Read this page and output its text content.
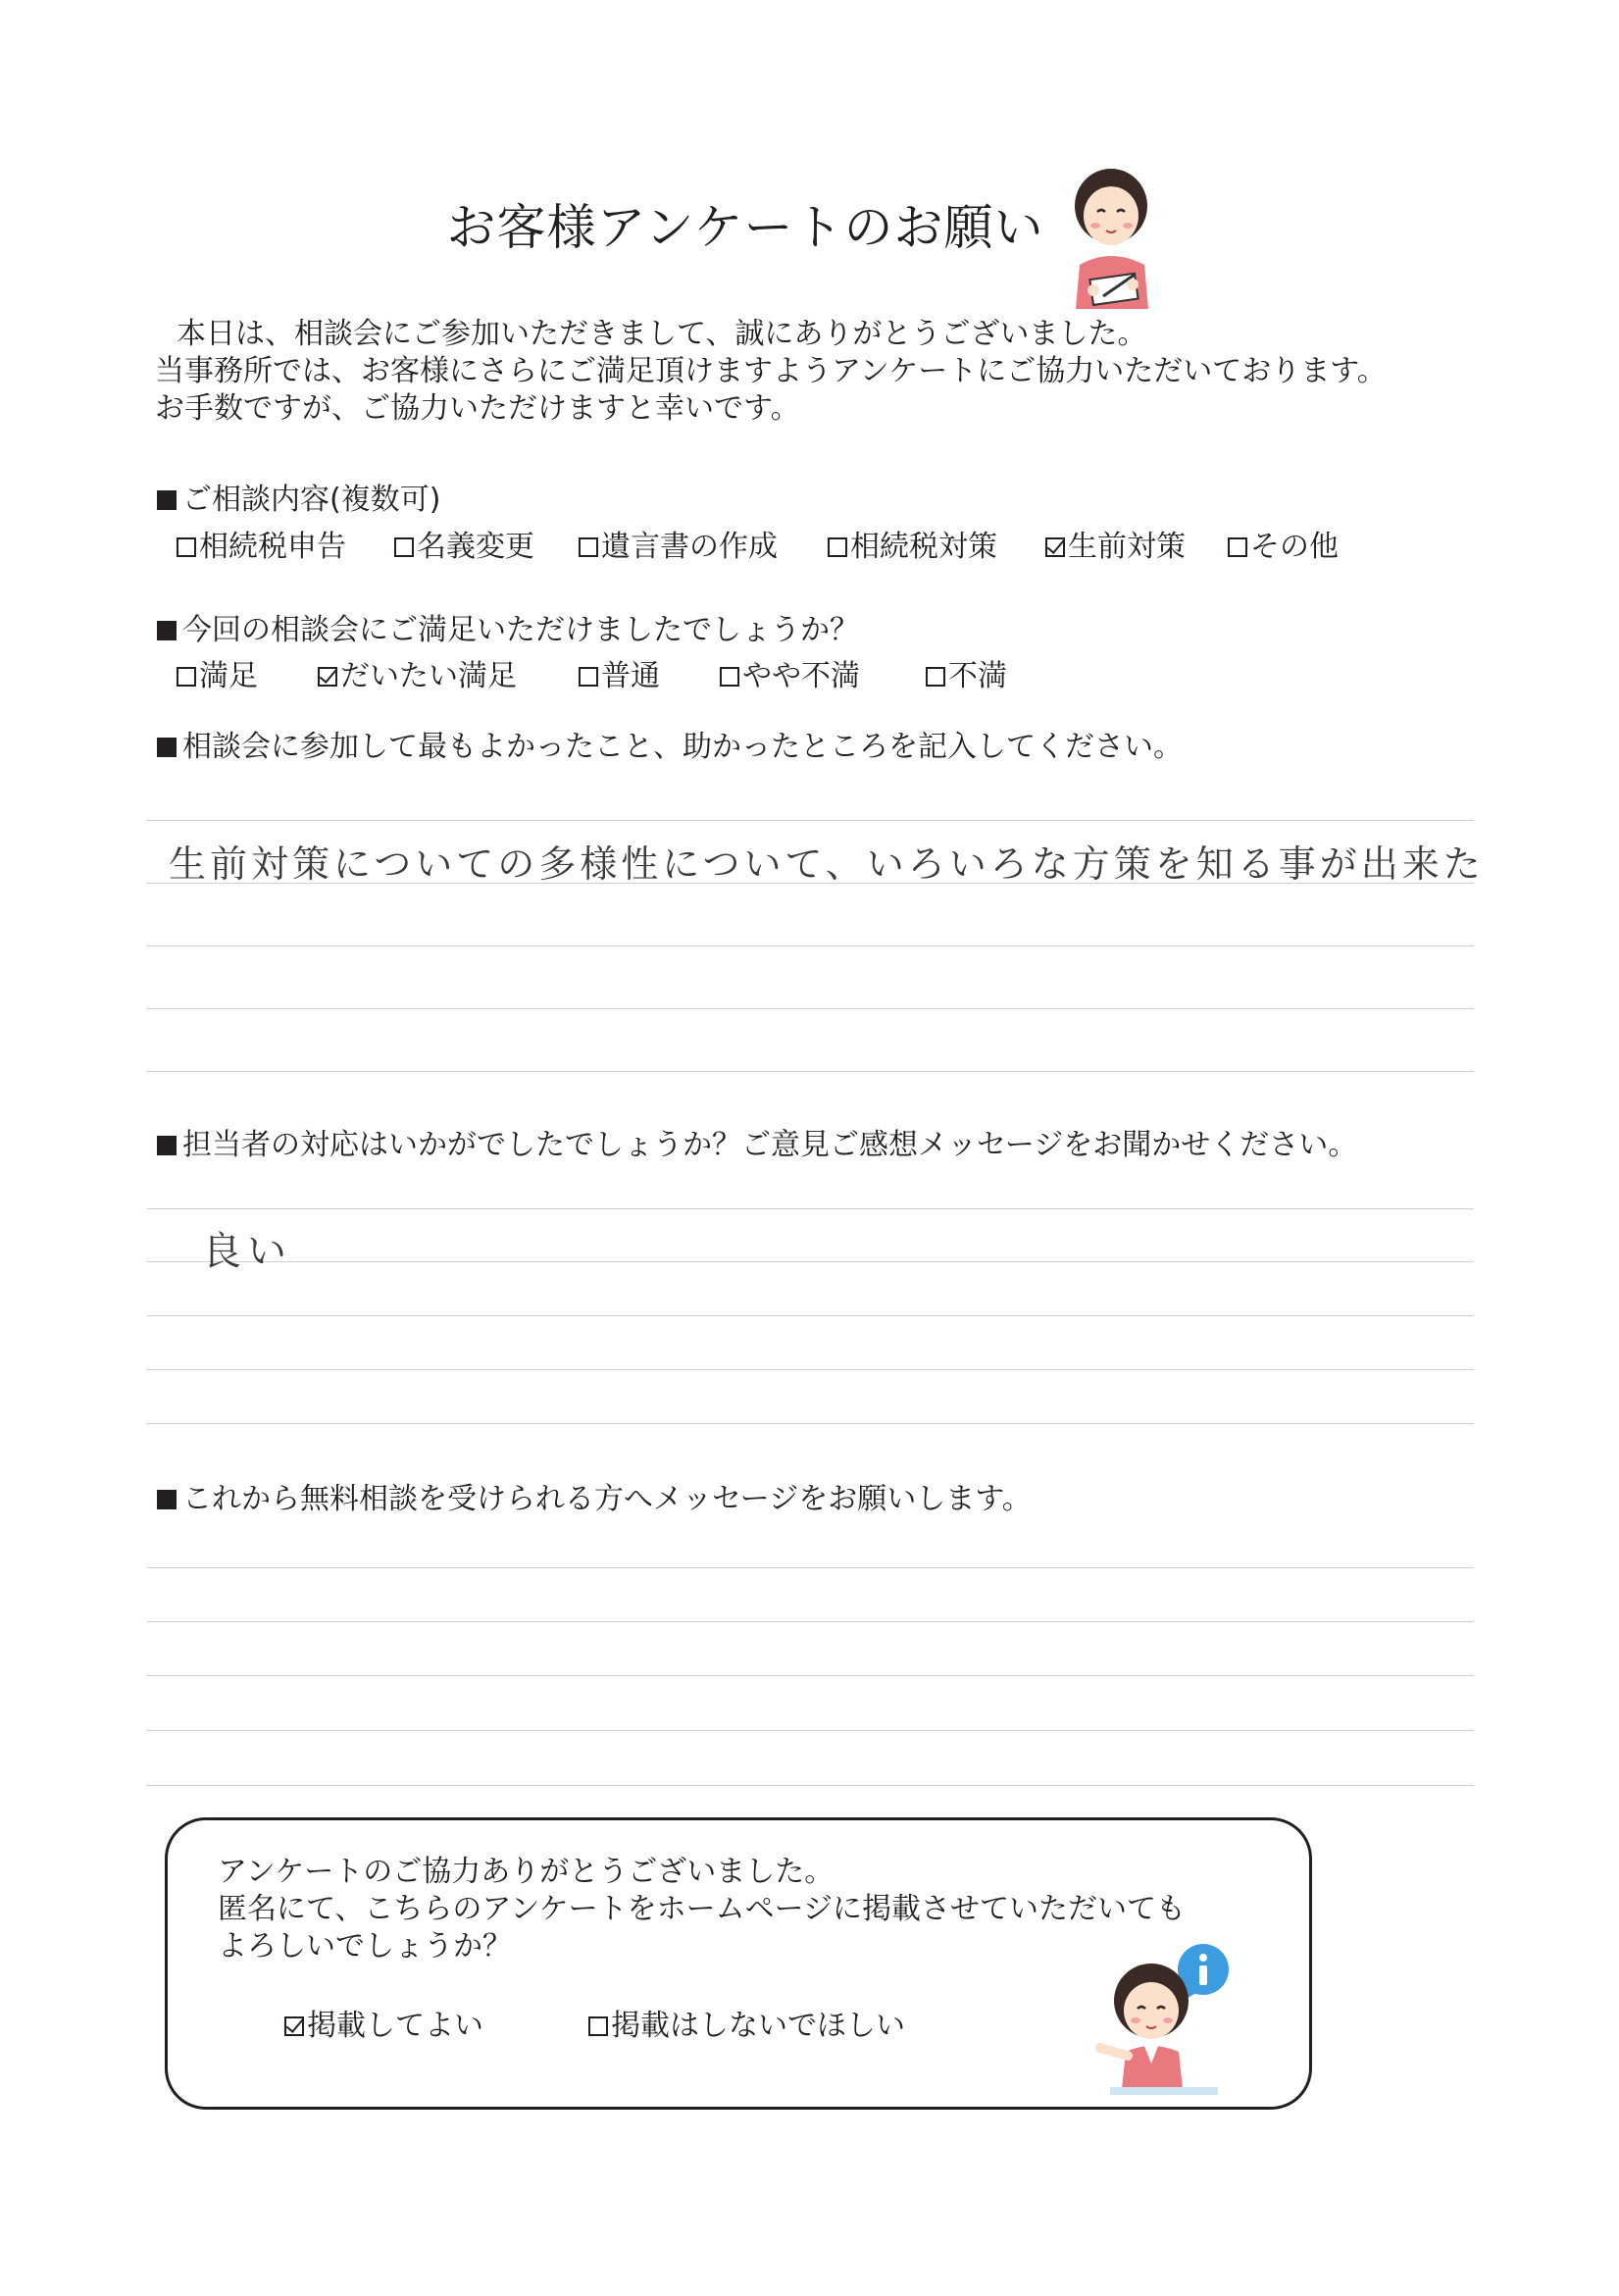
お客様アンケートのお願い
本日は、相談会にご参加いただきまして、誠にありがとうございました。
当事務所では、お客様にさらにご満足頂けますようアンケートにご協力いただいております。
お手数ですが、ご協力いただけますと幸いです。
ご相談内容(複数可)
相続税申告	名義変更	遺言書の作成	相続税対策	生前対策	その他
今回の相談会にご満足いただけましたでしょうか？
満足	だいたい満足	普通	やや不満	不満
相談会に参加して最もよかったこと、助かったところを記入してください。
生前対策についての多様性について、いろいろな方策を知る事が出来た
担当者の対応はいかがでしたでしょうか？ご意見ご感想メッセージをお聞かせください。
良い
これから無料相談を受けられる方へメッセージをお願いします。
アンケートのご協力ありがとうございました。
匿名にて、こちらのアンケートをホームページに掲載させていただいても
よろしいでしょうか？
掲載してよい	掲載はしないでほしい
